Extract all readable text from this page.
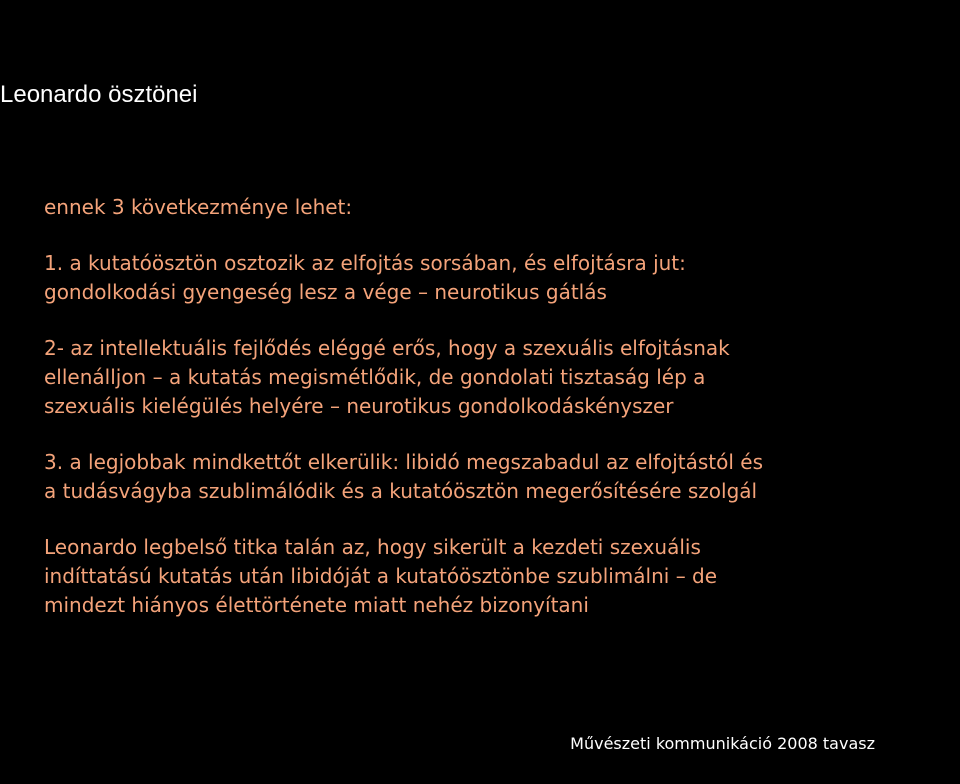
Leonardo ösztönei
ennek 3 következménye lehet:
1. a kutatóösztön osztozik az elfojtás sorsában, és elfojtásra jut:
gondolkodási gyengeség lesz a vége – neurotikus gátlás
2- az intellektuális fejlődés eléggé erős, hogy a szexuális elfojtásnak
ellenálljon – a kutatás megismétlődik, de gondolati tisztaság lép a
szexuális kielégülés helyére – neurotikus gondolkodáskényszer
3. a legjobbak mindkettőt elkerülik: libidó megszabadul az elfojtástól és
a tudásvágyba szublimálódik és a kutatóösztön megerősítésére szolgál
Leonardo legbelső titka talán az, hogy sikerült a kezdeti szexuális
indíttatású kutatás után libidóját a kutatóösztönbe szublimálni – de
mindezt hiányos élettörténete miatt nehéz bizonyítani
Művészeti kommunikáció 2008 tavasz
